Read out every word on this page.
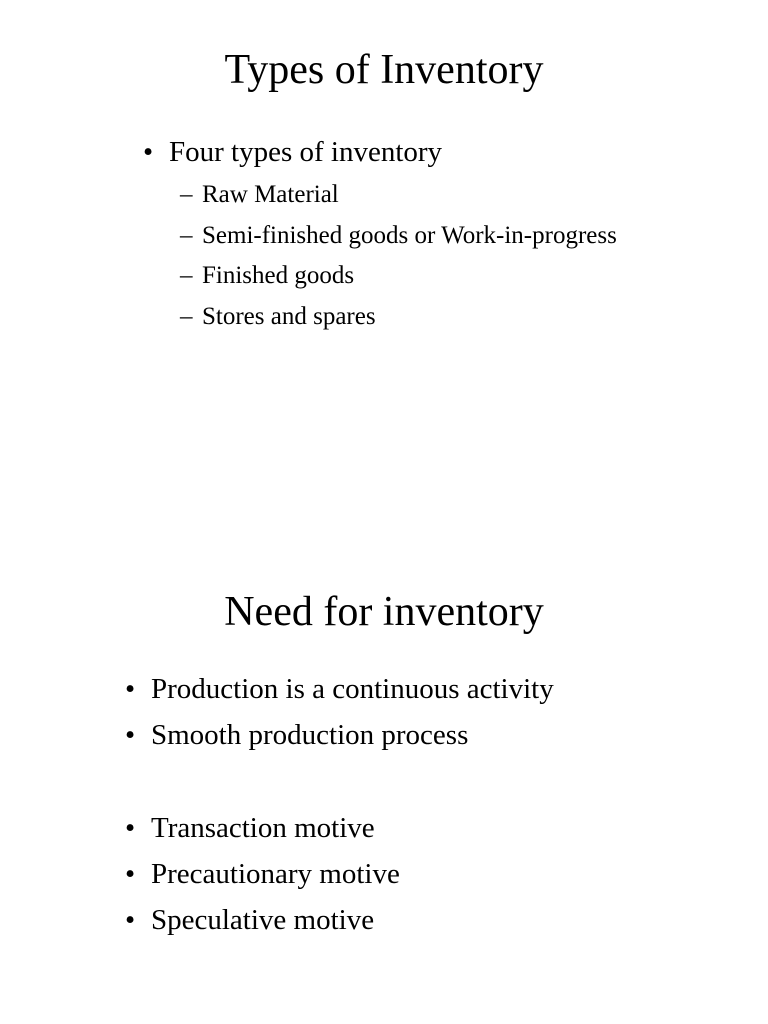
Types of Inventory
• Four types of inventory
– Raw Material
– Semi-finished goods or Work-in-progress
– Finished goods
– Stores and spares
Need for inventory
• Production is a continuous activity
• Smooth production process
• Transaction motive
• Precautionary motive
• Speculative motive
